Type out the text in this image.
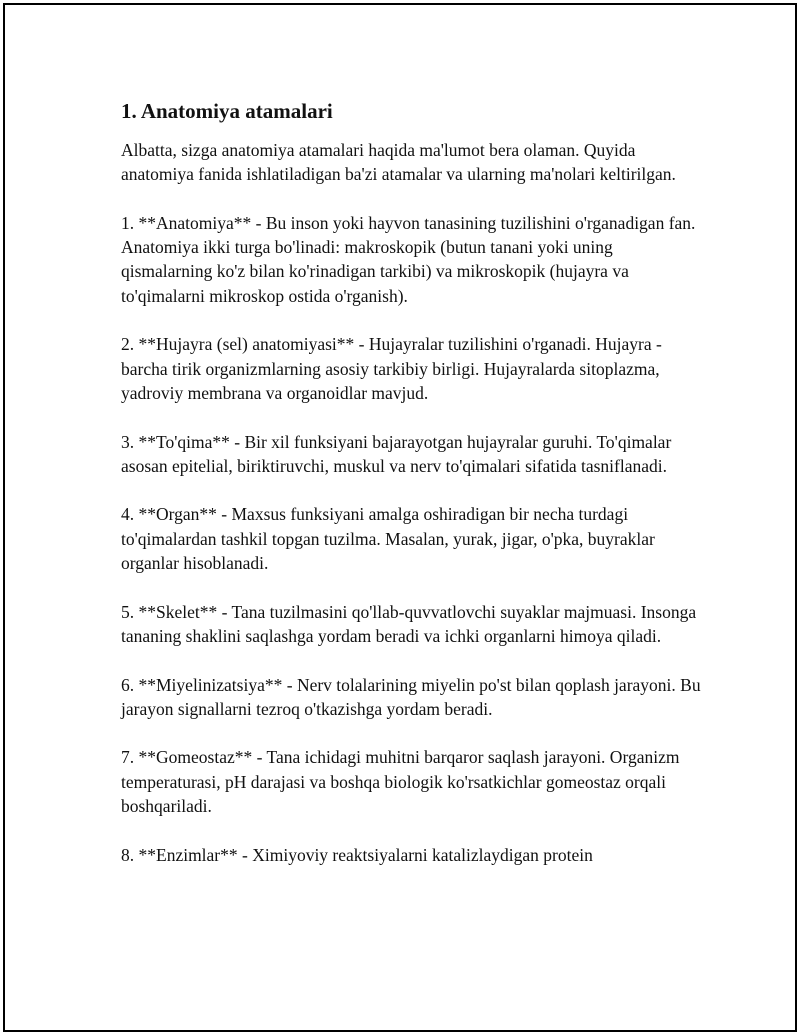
1. Anatomiya atamalari

Albatta, sizga anatomiya atamalari haqida ma'lumot bera olaman. Quyida anatomiya fanida ishlatiladigan ba'zi atamalar va ularning ma'nolari keltirilgan.

1. **Anatomiya** - Bu inson yoki hayvon tanasining tuzilishini o'rganadigan fan. Anatomiya ikki turga bo'linadi: makroskopik (butun tanani yoki uning qismalarning ko'z bilan ko'rinadigan tarkibi) va mikroskopik (hujayra va to'qimalarni mikroskop ostida o'rganish).

2. **Hujayra (sel) anatomiyasi** - Hujayralar tuzilishini o'rganadi. Hujayra - barcha tirik organizmlarning asosiy tarkibiy birligi. Hujayralarda sitoplazma, yadroviy membrana va organoidlar mavjud.

3. **To'qima** - Bir xil funksiyani bajarayotgan hujayralar guruhi. To'qimalar asosan epitelial, biriktiruvchi, muskul va nerv to'qimalari sifatida tasniflanadi.

4. **Organ** - Maxsus funksiyani amalga oshiradigan bir necha turdagi to'qimalardan tashkil topgan tuzilma. Masalan, yurak, jigar, o'pka, buyraklar organlar hisoblanadi.

5. **Skelet** - Tana tuzilmasini qo'llab-quvvatlovchi suyaklar majmuasi. Insonga tananing shaklini saqlashga yordam beradi va ichki organlarni himoya qiladi.

6. **Miyelinizatsiya** - Nerv tolalarining miyelin po'st bilan qoplash jarayoni. Bu jarayon signallarni tezroq o'tkazishga yordam beradi.

7. **Gomeostaz** - Tana ichidagi muhitni barqaror saqlash jarayoni. Organizm temperaturasi, pH darajasi va boshqa biologik ko'rsatkichlar gomeostaz orqali boshqariladi.

8. **Enzimlar** - Ximiyoviy reaktsiyalarni katalizlaydigan protein
